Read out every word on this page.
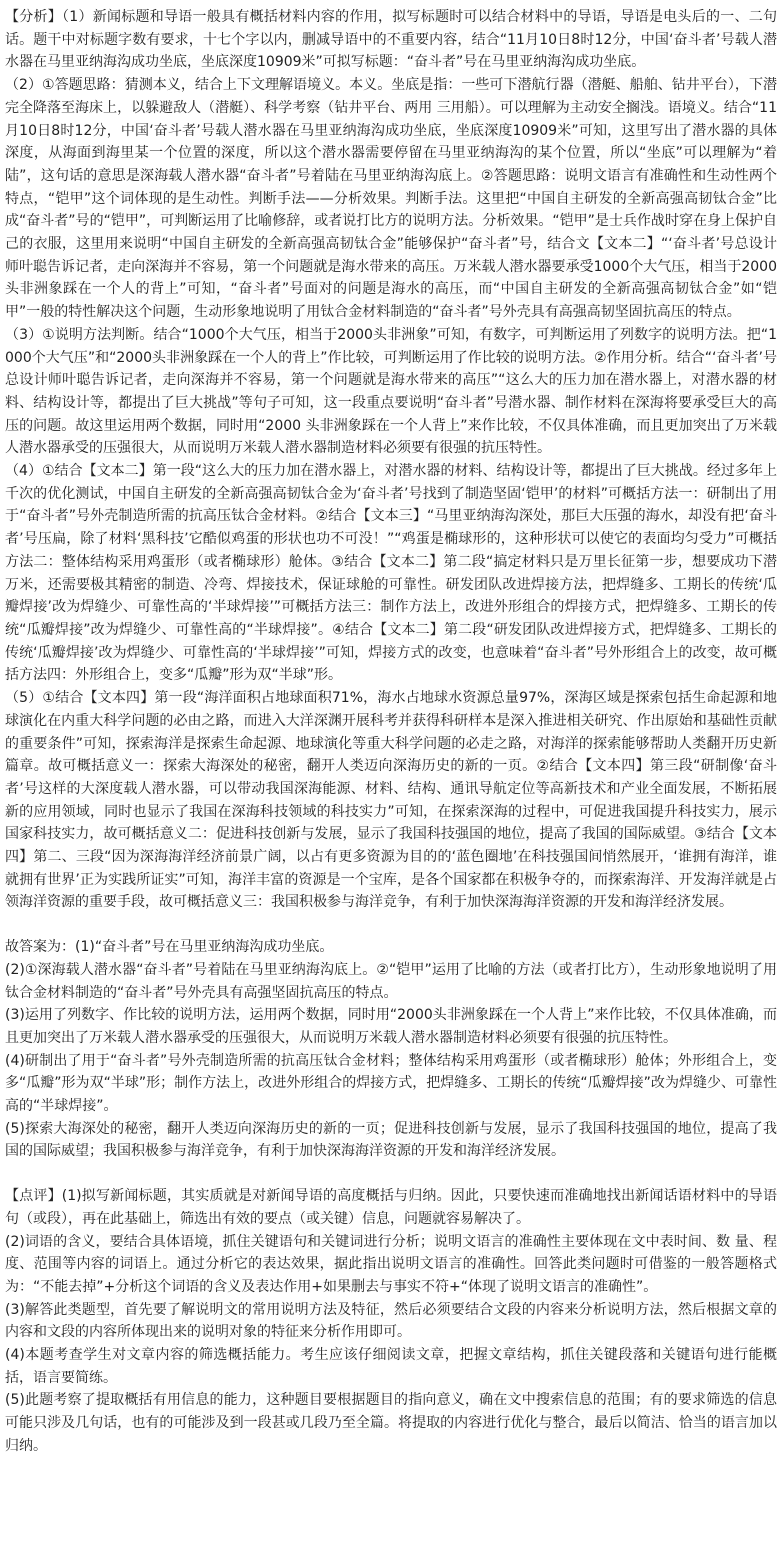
【分析】（1）新闻标题和导语一般具有概括材料内容的作用，拟写标题时可以结合材料中的导语，导语是电头后的一、二句话。题干中对标题字数有要求，十七个字以内，删减导语中的不重要内容，结合“11月10日8时12分，中国‘奋斗者’号载人潜水器在马里亚纳海沟成功坐底，坐底深度10909米”可拟写标题：“奋斗者”号在马里亚纳海沟成功坐底。

（2）①答题思路：猜测本义，结合上下文理解语境义。本义。坐底是指：一些可下潜航行器（潜艇、船舶、钻井平台），下潜完全降落至海床上，以躲避敌人（潜艇）、科学考察（钻井平台、两用 三用船）。可以理解为主动安全搁浅。语境义。结合“11月10日8时12分，中国‘奋斗者’号载人潜水器在马里亚纳海沟成功坐底，坐底深度10909米”可知，这里写出了潜水器的具体深度，从海面到海里某一个位置的深度，所以这个潜水器需要停留在马里亚纳海沟的某个位置，所以“坐底”可以理解为“着陆”，这句话的意思是深海载人潜水器“奋斗者”号着陆在马里亚纳海沟底上。②答题思路：说明文语言有准确性和生动性两个特点，“铠甲”这个词体现的是生动性。判断手法——分析效果。判断手法。这里把“中国自主研发的全新高强高韧钛合金”比成“奋斗者”号的“铠甲”，可判断运用了比喻修辞，或者说打比方的说明方法。分析效果。“铠甲”是士兵作战时穿在身上保护自己的衣服，这里用来说明“中国自主研发的全新高强高韧钛合金”能够保护“奋斗者”号，结合文【文本二】“‘奋斗者’号总设计师叶聪告诉记者，走向深海并不容易，第一个问题就是海水带来的高压。万米载人潜水器要承受1000个大气压，相当于2000头非洲象踩在一个人的背上”可知，“奋斗者”号面对的问题是海水的高压，而“中国自主研发的全新高强高韧钛合金”如“铠甲”一般的特性解决这个问题，生动形象地说明了用钛合金材料制造的“奋斗者”号外壳具有高强高韧坚固抗高压的特点。

（3）①说明方法判断。结合“1000个大气压，相当于2000头非洲象”可知，有数字，可判断运用了列数字的说明方法。把“1000个大气压”和“2000头非洲象踩在一个人的背上”作比较，可判断运用了作比较的说明方法。②作用分析。结合“‘奋斗者’号总设计师叶聪告诉记者，走向深海并不容易，第一个问题就是海水带来的高压”“这么大的压力加在潜水器上，对潜水器的材料、结构设计等，都提出了巨大挑战”等句子可知，这一段重点要说明“奋斗者”号潜水器、制作材料在深海将要承受巨大的高压的问题。故这里运用两个数据，同时用“2000 头非洲象踩在一个人背上”来作比较，不仅具体准确，而且更加突出了万米载人潜水器承受的压强很大，从而说明万米载人潜水器制造材料必须要有很强的抗压特性。

（4）①结合【文本二】第一段“这么大的压力加在潜水器上，对潜水器的材料、结构设计等，都提出了巨大挑战。经过多年上千次的优化测试，中国自主研发的全新高强高韧钛合金为‘奋斗者’号找到了制造坚固‘铠甲’的材料”可概括方法一：研制出了用于“奋斗者”号外壳制造所需的抗高压钛合金材料。②结合【文本三】“马里亚纳海沟深处，那巨大压强的海水，却没有把‘奋斗者’号压扁，除了材料‘黑科技’它酷似鸡蛋的形状也功不可没！”“鸡蛋是椭球形的，这种形状可以使它的表面均匀受力”可概括方法二：整体结构采用鸡蛋形（或者椭球形）舱体。③结合【文本二】第二段“搞定材料只是万里长征第一步，想要成功下潜万米，还需要极其精密的制造、冷弯、焊接技术，保证球舱的可靠性。研发团队改进焊接方法，把焊缝多、工期长的传统‘瓜瓣焊接’改为焊缝少、可靠性高的‘半球焊接’”可概括方法三：制作方法上，改进外形组合的焊接方式，把焊缝多、工期长的传统“瓜瓣焊接”改为焊缝少、可靠性高的“半球焊接”。④结合【文本二】第二段“研发团队改进焊接方式，把焊缝多、工期长的传统‘瓜瓣焊接’改为焊缝少、可靠性高的‘半球焊接’”可知，焊接方式的改变，也意味着“奋斗者”号外形组合上的改变，故可概括方法四：外形组合上，变多“瓜瓣”形为双“半球”形。

（5）①结合【文本四】第一段“海洋面积占地球面积71%，海水占地球水资源总量97%，深海区域是探索包括生命起源和地球演化在内重大科学问题的必由之路，而进入大洋深渊开展科考并获得科研样本是深入推进相关研究、作出原始和基础性贡献的重要条件”可知，探索海洋是探索生命起源、地球演化等重大科学问题的必走之路，对海洋的探索能够帮助人类翻开历史新篇章。故可概括意义一：探索大海深处的秘密，翻开人类迈向深海历史的新的一页。②结合【文本四】第三段“研制像‘奋斗者’号这样的大深度载人潜水器，可以带动我国深海能源、材料、结构、通讯导航定位等高新技术和产业全面发展，不断拓展新的应用领域，同时也显示了我国在深海科技领域的科技实力”可知，在探索深海的过程中，可促进我国提升科技实力，展示国家科技实力，故可概括意义二：促进科技创新与发展，显示了我国科技强国的地位，提高了我国的国际威望。③结合【文本四】第二、三段“因为深海海洋经济前景广阔，以占有更多资源为目的的‘蓝色圈地’在科技强国间悄然展开，‘谁拥有海洋，谁就拥有世界’正为实践所证实”可知，海洋丰富的资源是一个宝库，是各个国家都在积极争夺的，而探索海洋、开发海洋就是占领海洋资源的重要手段，故可概括意义三：我国积极参与海洋竞争，有利于加快深海海洋资源的开发和海洋经济发展。

故答案为：(1)“奋斗者”号在马里亚纳海沟成功坐底。

(2)①深海载人潜水器“奋斗者”号着陆在马里亚纳海沟底上。②“铠甲”运用了比喻的方法（或者打比方），生动形象地说明了用钛合金材料制造的“奋斗者”号外壳具有高强坚固抗高压的特点。

(3)运用了列数字、作比较的说明方法，运用两个数据，同时用“2000头非洲象踩在一个人背上”来作比较，不仅具体准确，而且更加突出了万米载人潜水器承受的压强很大，从而说明万米载人潜水器制造材料必须要有很强的抗压特性。

(4)研制出了用于“奋斗者”号外壳制造所需的抗高压钛合金材料；整体结构采用鸡蛋形（或者椭球形）舱体；外形组合上，变多“瓜瓣”形为双“半球”形；制作方法上，改进外形组合的焊接方式，把焊缝多、工期长的传统“瓜瓣焊接”改为焊缝少、可靠性高的“半球焊接”。

(5)探索大海深处的秘密，翻开人类迈向深海历史的新的一页；促进科技创新与发展，显示了我国科技强国的地位，提高了我国的国际威望；我国积极参与海洋竞争，有利于加快深海海洋资源的开发和海洋经济发展。

【点评】(1)拟写新闻标题，其实质就是对新闻导语的高度概括与归纳。因此，只要快速而准确地找出新闻话语材料中的导语句（或段），再在此基础上，筛选出有效的要点（或关键）信息，问题就容易解决了。

(2)词语的含义，要结合具体语境，抓住关键语句和关键词进行分析；说明文语言的准确性主要体现在文中表时间、数 量、程度、范围等内容的词语上。通过分析它的表达效果，据此指出说明文语言的准确性。回答此类问题时可借鉴的一般答题格式为：“不能去掉”+分析这个词语的含义及表达作用+如果删去与事实不符+“体现了说明文语言的准确性”。

(3)解答此类题型，首先要了解说明文的常用说明方法及特征，然后必须要结合文段的内容来分析说明方法，然后根据文章的内容和文段的内容所体现出来的说明对象的特征来分析作用即可。

(4)本题考查学生对文章内容的筛选概括能力。考生应该仔细阅读文章，把握文章结构，抓住关键段落和关键语句进行能概括，语言要简练。

(5)此题考察了提取概括有用信息的能力，这种题目要根据题目的指向意义，确在文中搜索信息的范围；有的要求筛选的信息可能只涉及几句话，也有的可能涉及到一段甚或几段乃至全篇。将提取的内容进行优化与整合，最后以简洁、恰当的语言加以归纳。
